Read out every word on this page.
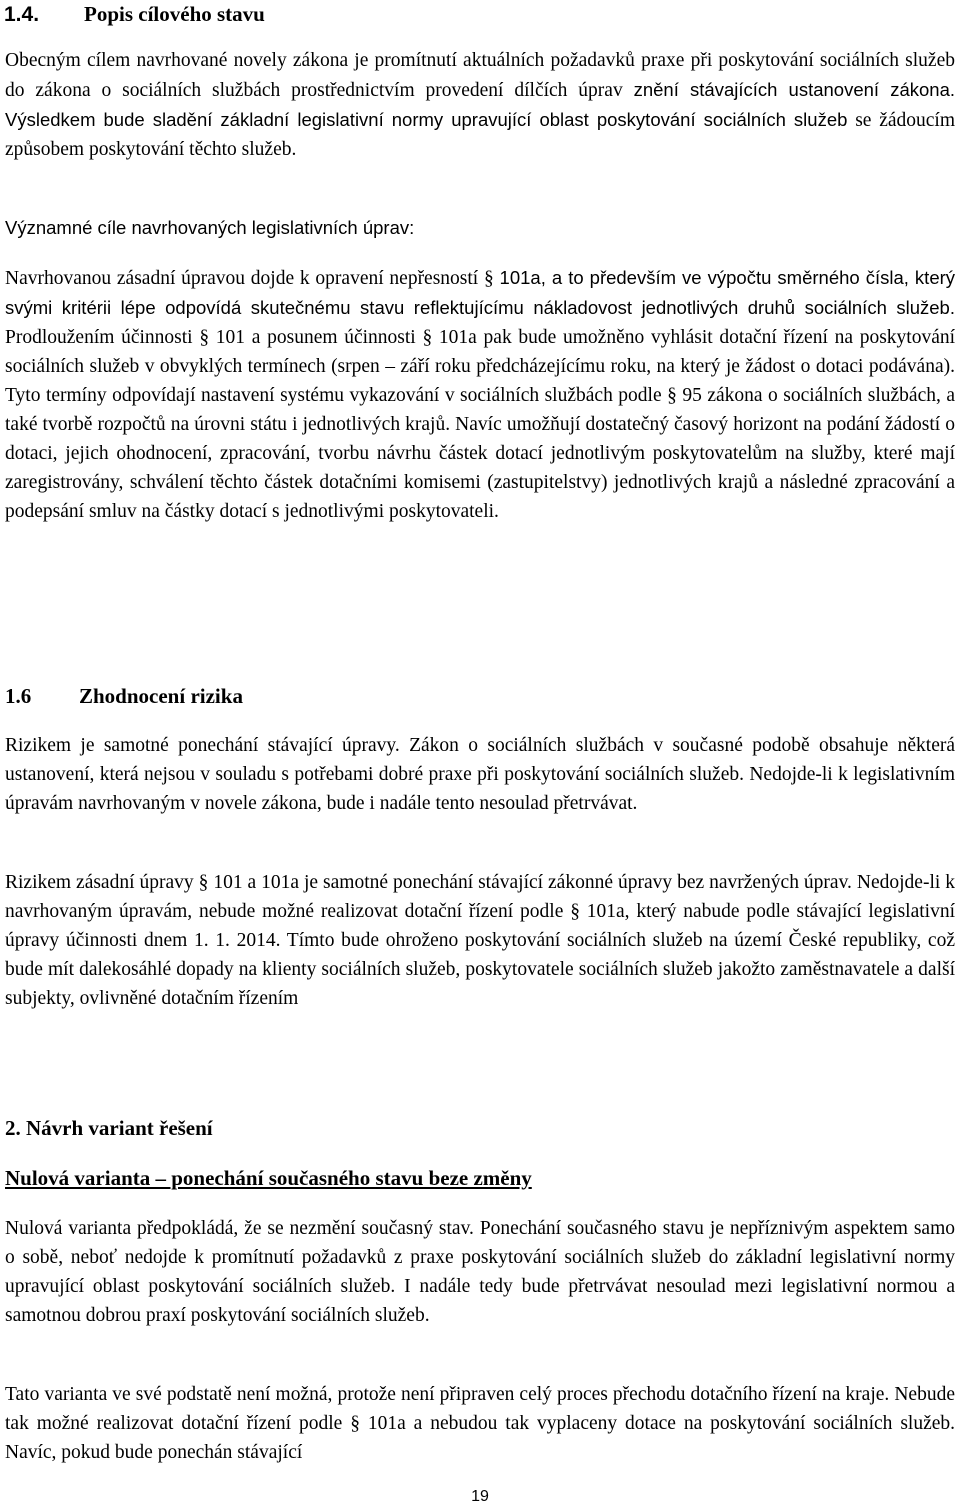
1.4. Popis cílového stavu

Obecným cílem navrhované novely zákona je promítnutí aktuálních požadavků praxe při poskytování sociálních služeb do zákona o sociálních službách prostřednictvím provedení dílčích úprav znění stávajících ustanovení zákona. Výsledkem bude sladění základní legislativní normy upravující oblast poskytování sociálních služeb se žádoucím způsobem poskytování těchto služeb.

Významné cíle navrhovaných legislativních úprav:

Navrhovanou zásadní úpravou dojde k opravení nepřesností § 101a, a to především ve výpočtu směrného čísla, který svými kritérii lépe odpovídá skutečnému stavu reflektujícímu nákladovost jednotlivých druhů sociálních služeb. Prodloužením účinnosti § 101 a posunem účinnosti § 101a pak bude umožněno vyhlásit dotační řízení na poskytování sociálních služeb v obvyklých termínech (srpen – září roku předcházejícímu roku, na který je žádost o dotaci podávána). Tyto termíny odpovídají nastavení systému vykazování v sociálních službách podle § 95 zákona o sociálních službách, a také tvorbě rozpočtů na úrovni státu i jednotlivých krajů. Navíc umožňují dostatečný časový horizont na podání žádostí o dotaci, jejich ohodnocení, zpracování, tvorbu návrhu částek dotací jednotlivým poskytovatelům na služby, které mají zaregistrovány, schválení těchto částek dotačními komisemi (zastupitelstvy) jednotlivých krajů a následné zpracování a podepsání smluv na částky dotací s jednotlivými poskytovateli.

1.6 Zhodnocení rizika

Rizikem je samotné ponechání stávající úpravy. Zákon o sociálních službách v současné podobě obsahuje některá ustanovení, která nejsou v souladu s potřebami dobré praxe při poskytování sociálních služeb. Nedojde-li k legislativním úpravám navrhovaným v novele zákona, bude i nadále tento nesoulad přetrvávat.

Rizikem zásadní úpravy § 101 a 101a je samotné ponechání stávající zákonné úpravy bez navržených úprav. Nedojde-li k navrhovaným úpravám, nebude možné realizovat dotační řízení podle § 101a, který nabude podle stávající legislativní úpravy účinnosti dnem 1. 1. 2014. Tímto bude ohroženo poskytování sociálních služeb na území České republiky, což bude mít dalekosáhlé dopady na klienty sociálních služeb, poskytovatele sociálních služeb jakožto zaměstnavatele a další subjekty, ovlivněné dotačním řízením

2. Návrh variant řešení
Nulová varianta – ponechání současného stavu beze změny

Nulová varianta předpokládá, že se nezmění současný stav. Ponechání současného stavu je nepříznivým aspektem samo o sobě, neboť nedojde k promítnutí požadavků z praxe poskytování sociálních služeb do základní legislativní normy upravující oblast poskytování sociálních služeb. I nadále tedy bude přetrvávat nesoulad mezi legislativní normou a samotnou dobrou praxí poskytování sociálních služeb.

Tato varianta ve své podstatě není možná, protože není připraven celý proces přechodu dotačního řízení na kraje. Nebude tak možné realizovat dotační řízení podle § 101a a nebudou tak vyplaceny dotace na poskytování sociálních služeb. Navíc, pokud bude ponechán stávající

19
